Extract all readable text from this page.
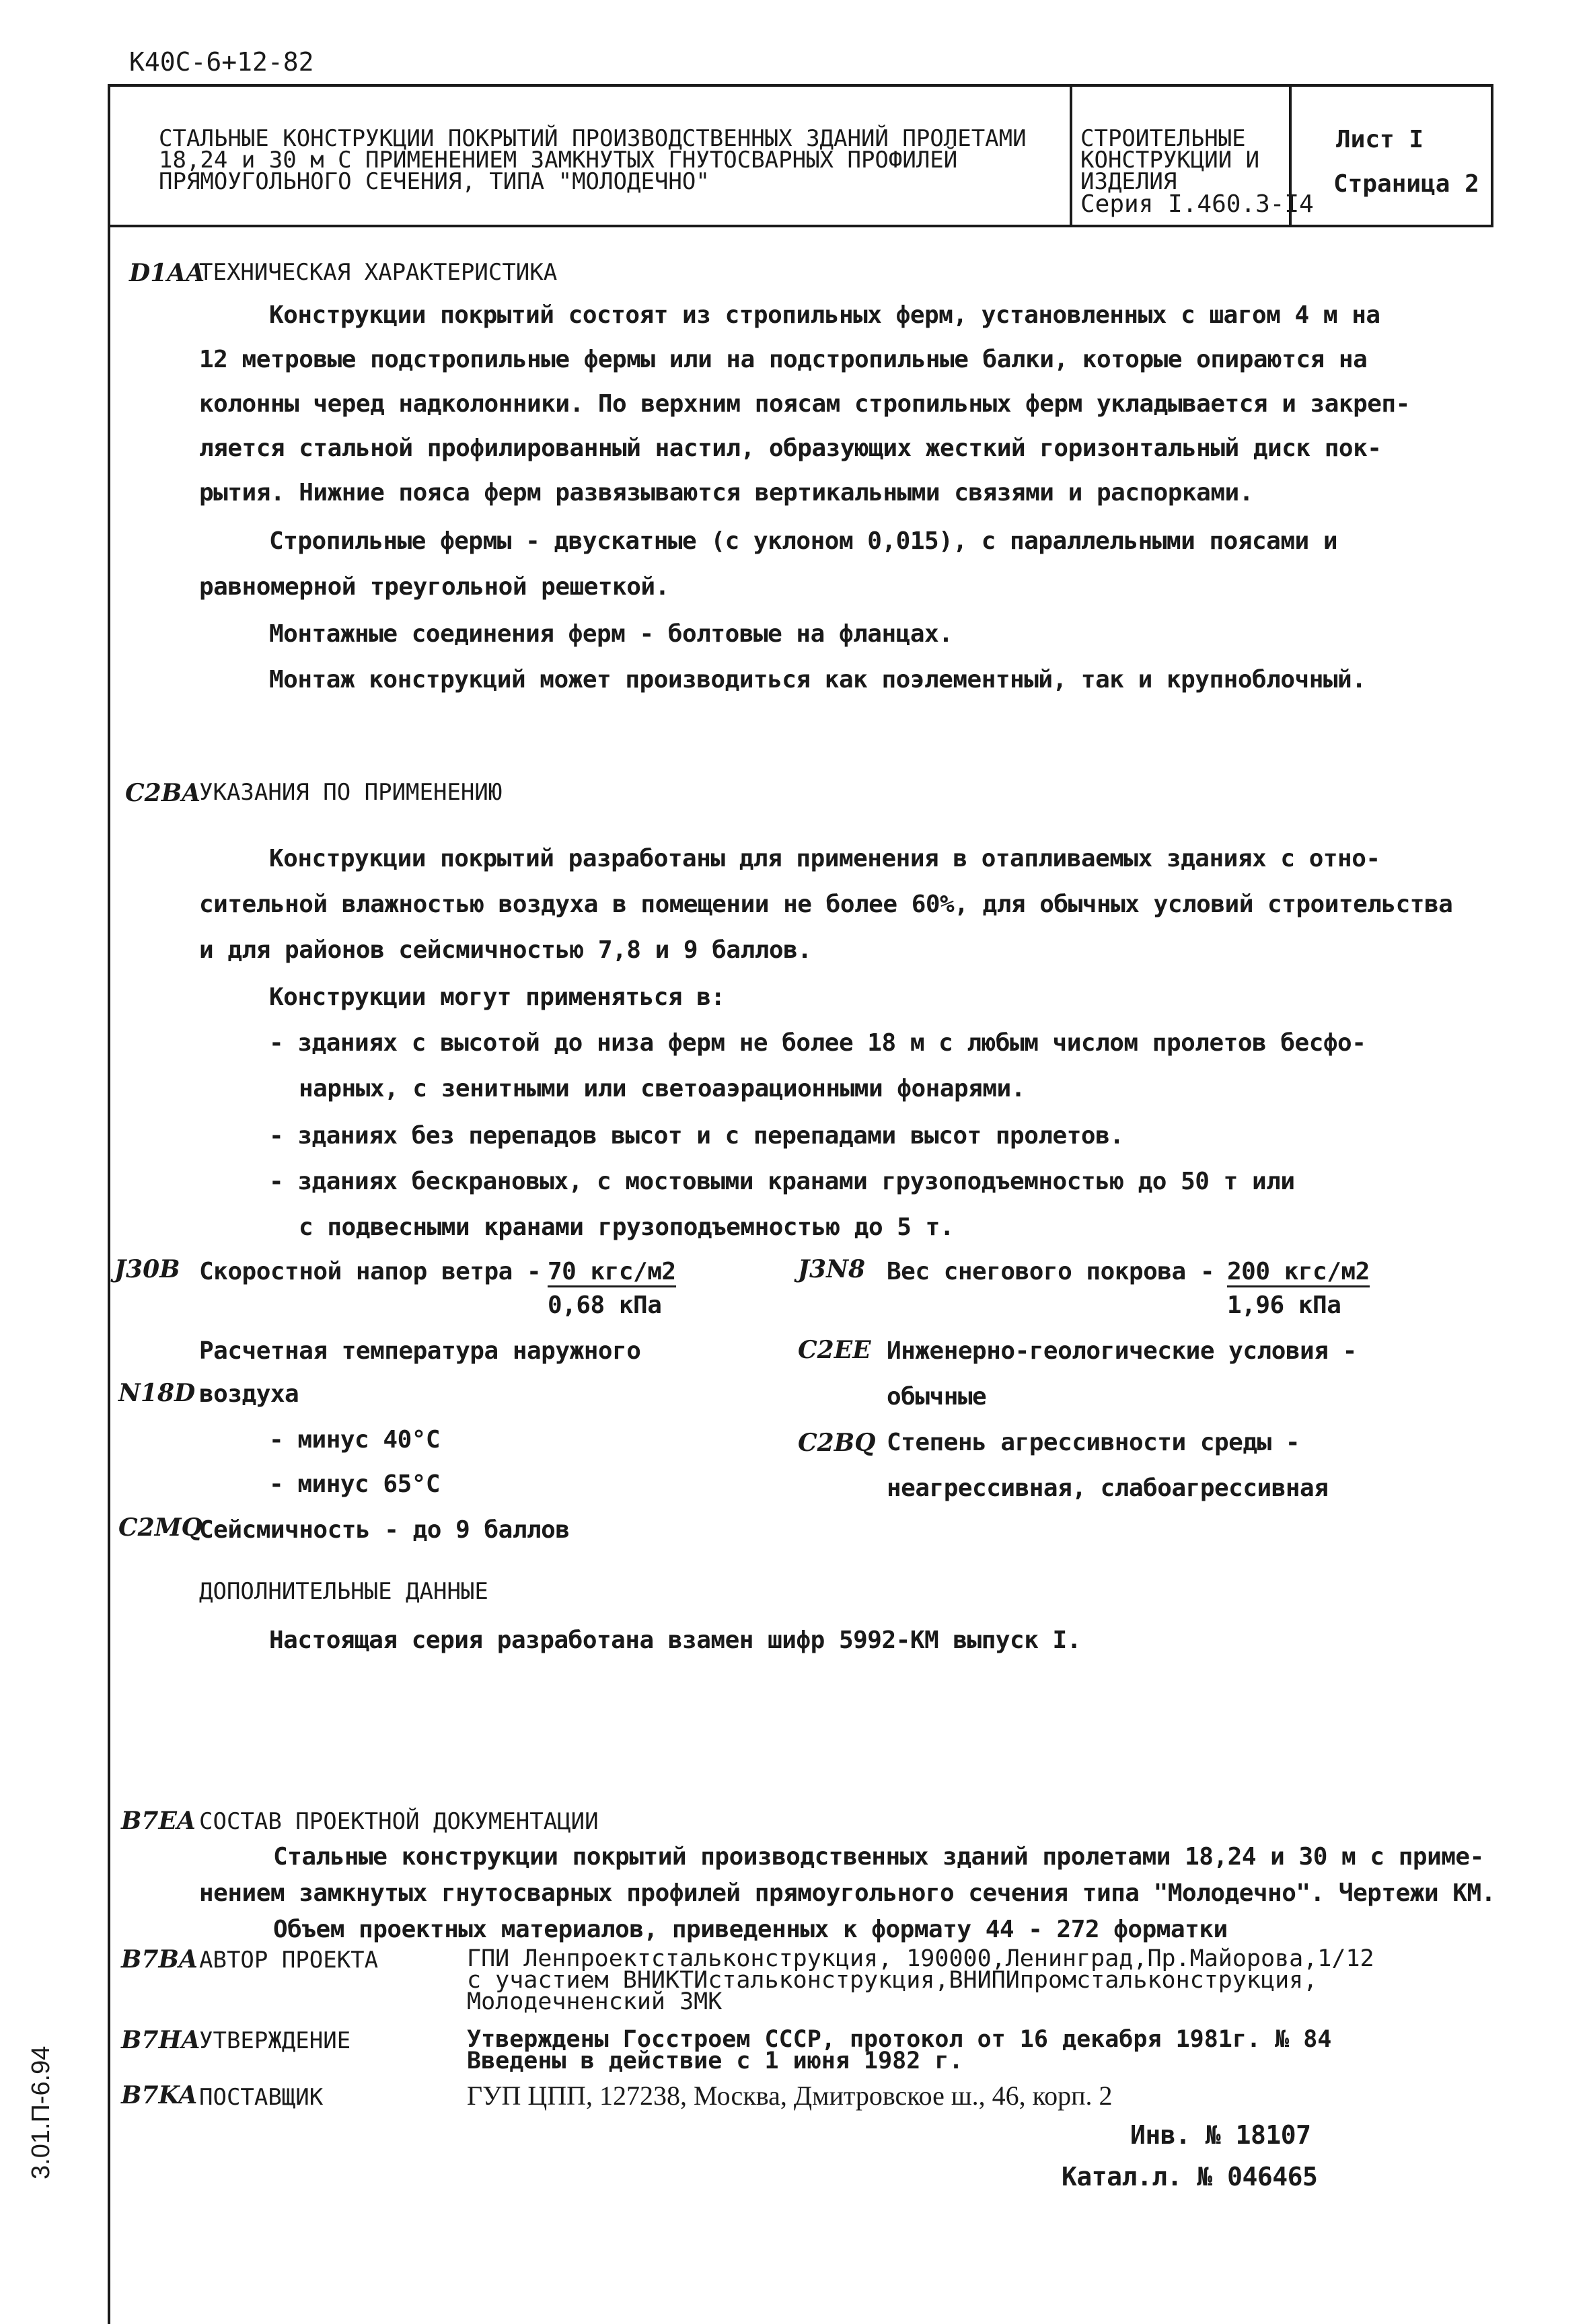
К40С-6+12-82
СТАЛЬНЫЕ КОНСТРУКЦИИ ПОКРЫТИЙ ПРОИЗВОДСТВЕННЫХ ЗДАНИЙ ПРОЛЕТАМИ
18,24 и 30 м С ПРИМЕНЕНИЕМ ЗАМКНУТЫХ ГНУТОСВАРНЫХ ПРОФИЛЕЙ
ПРЯМОУГОЛЬНОГО СЕЧЕНИЯ, ТИПА "МОЛОДЕЧНО"
СТРОИТЕЛЬНЫЕ
КОНСТРУКЦИИ И
ИЗДЕЛИЯ
Серия I.460.3-I4
Лист I
Страница 2
D1AA
ТЕХНИЧЕСКАЯ ХАРАКТЕРИСТИКА
Конструкции покрытий состоят из стропильных ферм, установленных с шагом 4 м на
12 метровые подстропильные фермы или на подстропильные балки, которые опираются на
колонны черед надколонники. По верхним поясам стропильных ферм укладывается и закреп-
ляется стальной профилированный настил, образующих жесткий горизонтальный диск пок-
рытия. Нижние пояса ферм развязываются вертикальными связями и распорками.
Стропильные фермы - двускатные (с уклоном 0,015), с параллельными поясами и
равномерной треугольной решеткой.
Монтажные соединения ферм - болтовые на фланцах.
Монтаж конструкций может производиться как поэлементный, так и крупноблочный.
C2BA
УКАЗАНИЯ ПО ПРИМЕНЕНИЮ
Конструкции покрытий разработаны для применения в отапливаемых зданиях с отно-
сительной влажностью воздуха в помещении не более 60%, для обычных условий строительства
и для районов сейсмичностью 7,8 и 9 баллов.
Конструкции могут применяться в:
- зданиях с высотой до низа ферм не более 18 м с любым числом пролетов бесфо-
нарных, с зенитными или светоаэрационными фонарями.
- зданиях без перепадов высот и с перепадами высот пролетов.
- зданиях бескрановых, с мостовыми кранами грузоподъемностью до 50 т или
с подвесными кранами грузоподъемностью до 5 т.
J30B Скоростной напор ветра - 70 кгс/м2
0,68 кПа
J3N8 Вес снегового покрова - 200 кгс/м2
1,96 кПа
Расчетная температура наружного
N18D воздуха
- минус 40°С
- минус 65°С
C2EE Инженерно-геологические условия -
обычные
C2BQ Степень агрессивности среды -
неагрессивная, слабоагрессивная
C2MQ
Сейсмичность - до 9 баллов
ДОПОЛНИТЕЛЬНЫЕ ДАННЫЕ
Настоящая серия разработана взамен шифр 5992-КМ выпуск I.
B7EA СОСТАВ ПРОЕКТНОЙ ДОКУМЕНТАЦИИ
Стальные конструкции покрытий производственных зданий пролетами 18,24 и 30 м с приме-
нением замкнутых гнутосварных профилей прямоугольного сечения типа "Молодечно". Чертежи КМ.
Объем проектных материалов, приведенных к формату 44 - 272 форматки
B7BA АВТОР ПРОЕКТА	ГПИ Ленпроектстальконструкция, 190000,Ленинград,Пр.Майорова,1/12
с участием ВНИКТИстальконструкция,ВНИПИпромстальконструкция,
Молодечненский ЗМК
B7HA
УТВЕРЖДЕНИЕ	Утверждены Госстроем СССР, протокол от 16 декабря 1981г. № 84
Введены в действие с 1 июня 1982 г.
B7KA ПОСТАВЩИК	ГУП ЦПП, 127238, Москва, Дмитровское ш., 46, корп. 2
Инв. № 18107
Катал.л. № 046465
3.01.П-6.94
